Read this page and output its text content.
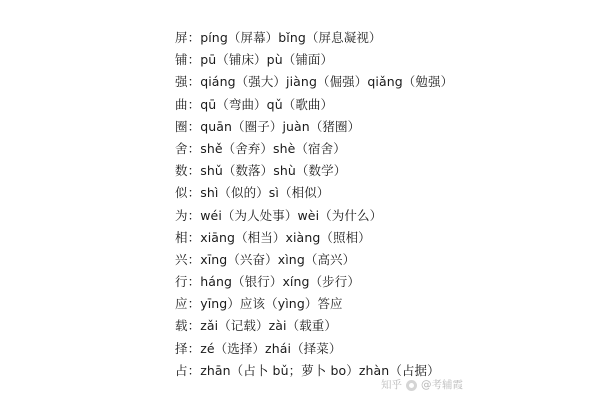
屏：píng（屏幕）bǐng（屏息凝视）
铺：pū（铺床）pù（铺面）
强：qiáng（强大）jiàng（倔强）qiǎng（勉强）
曲：qū（弯曲）qǔ（歌曲）
圈：quān（圈子）juàn（猪圈）
舍：shě（舍弃）shè（宿舍）
数：shǔ（数落）shù（数学）
似：shì（似的）sì（相似）
为：wéi（为人处事）wèi（为什么）
相：xiāng（相当）xiàng（照相）
兴：xīng（兴奋）xìng（高兴）
行：háng（银行）xíng（步行）
应：yīng）应该（yìng）答应
载：zǎi（记载）zài（载重）
择：zé（选择）zhái（择菜）
占：zhān（占卜 bǔ；萝卜 bo）zhàn（占据）
知乎 @考辅霞
